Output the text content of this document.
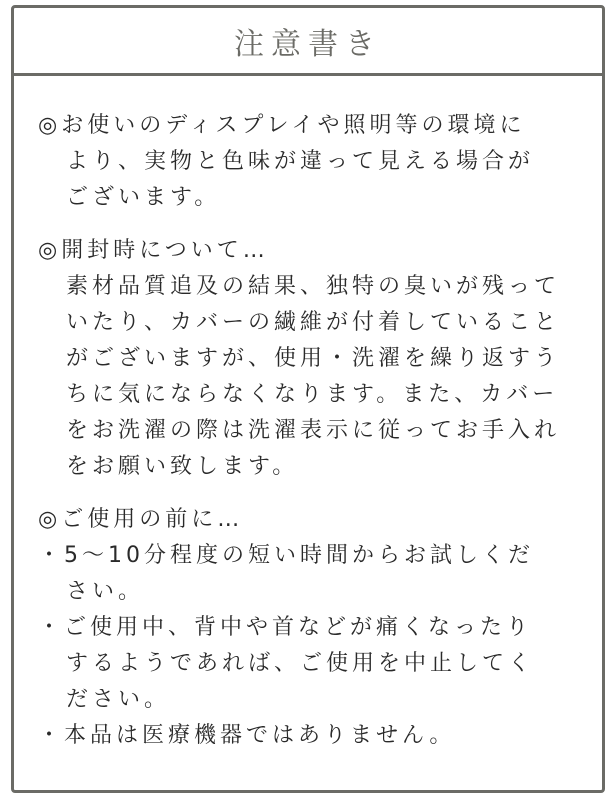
注意書き
◎お使いのディスプレイや照明等の環境に
より、実物と色味が違って見える場合が
ございます。
◎開封時について…
素材品質追及の結果、独特の臭いが残って
いたり、カバーの繊維が付着していること
がございますが、使用・洗濯を繰り返すう
ちに気にならなくなります。また、カバー
をお洗濯の際は洗濯表示に従ってお手入れ
をお願い致します。
◎ご使用の前に…
・5～10分程度の短い時間からお試しくだ
さい。
・ご使用中、背中や首などが痛くなったり
するようであれば、ご使用を中止してく
ださい。
・本品は医療機器ではありません。
